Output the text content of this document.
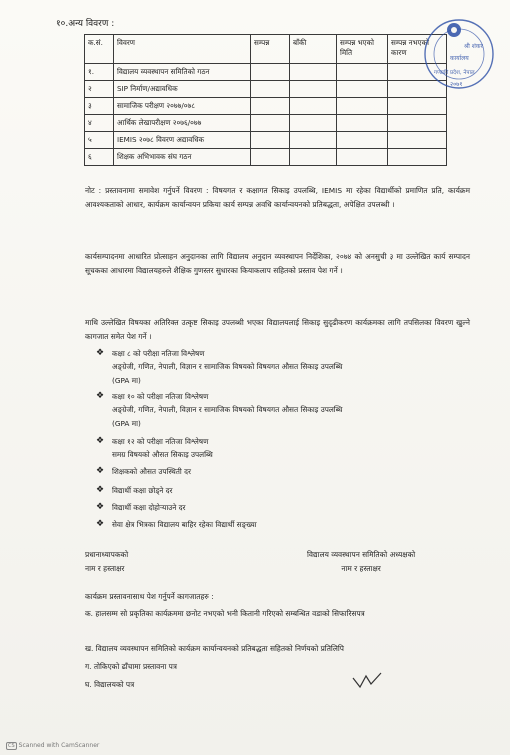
१०.अन्य विवरण :
क.सं.	विवरण	सम्पन्न	बाँकी	सम्पन्न भएको मिति	सम्पन्न नभएको कारण
१.	विद्यालय व्यवस्थापन समितिको गठन				
२	SIP निर्माण/अद्यावधिक				
३	सामाजिक परीक्षण २०७७/०७८				
४	आर्थिक लेखापरीक्षण २०७६/०७७				
५	IEMIS २०७८ विवरण अद्यावधिक				
६	शिक्षक अभिभावक संघ गठन				
श्री शंकर
कार्यालय
गण्डकी प्रदेश, नेपाल
२०७१
नोट : प्रस्तावनामा समावेश गर्नुपर्ने विवरण : विषयगत र कक्षागत सिकाइ उपलब्धि, IEMIS मा रहेका विद्यार्थीको प्रमाणित प्रति, कार्यक्रम आवश्यकताको आधार, कार्यक्रम कार्यान्वयन प्रकिया कार्य सम्पन्न अवधि कार्यान्वयनको प्रतिबद्धता, अपेक्षित उपलब्धी ।
कार्यसम्पादनमा आधारित प्रोत्साहन अनुदानका लागि विद्यालय अनुदान व्यवस्थापन निर्देशिका, २०७४ को अनसुची ३ मा उल्लेखित कार्य सम्पादन सूचकका आधारमा विद्यालयहरुले शैक्षिक गुणस्तर सुधारका कियाकलाप सहितको प्रस्ताव पेश गर्ने ।
माथि उल्लेखित विषयका अतिरिक्त उत्कृष्ट सिकाइ उपलब्धी भएका विद्यालयलाई सिकाइ सुदृढीकरण कार्यक्रमका लागि तपसिलका विवरण खुल्ने कागजात समेत पेश गर्ने ।
❖ कक्षा ८ को परीक्षा नतिजा विश्लेषण
अङ्ग्रेजी, गणित, नेपाली, विज्ञान र सामाजिक विषयको विषयगत औसत सिकाइ उपलब्धि
(GPA मा)
❖ कक्षा १० को परीक्षा नतिजा विश्लेषण
अङ्ग्रेजी, गणित, नेपाली, विज्ञान र सामाजिक विषयको विषयगत औसत सिकाइ उपलब्धि
(GPA मा)
❖ कक्षा १२ को परीक्षा नतिजा विश्लेषण
समग्र विषयको औसत सिकाइ उपलब्धि
❖ शिक्षकको औसत उपस्थिती दर
❖ विद्यार्थी कक्षा छोड्ने दर
❖ विद्यार्थी कक्षा दोहोऱ्याउने दर
❖ सेवा क्षेत्र भित्रका विद्यालय बाहिर रहेका विद्यार्थी सङ्ख्या
प्रधानाध्यापकको
नाम र हस्ताक्षर
विद्यालय व्यवस्थापन समितिको अध्यक्षको
नाम र हस्ताक्षर
कार्यक्रम प्रस्तावनासाथ पेश गर्नुपर्ने कागजातहरु :
क. हालसम्म सो प्रकृतिका कार्यक्रममा छनोट नभएको भनी कितानी गरिएको सम्बन्धित वडाको सिफारिसपत्र
ख. विद्यालय व्यवस्थापन समितिको कार्यक्रम कार्यान्वयनको प्रतिबद्धता सहितको निर्णयको प्रतिलिपि
ग. तोकिएको ढाँचामा प्रस्तावना पत्र
घ. विद्यालयको पत्र
CS Scanned with CamScanner
